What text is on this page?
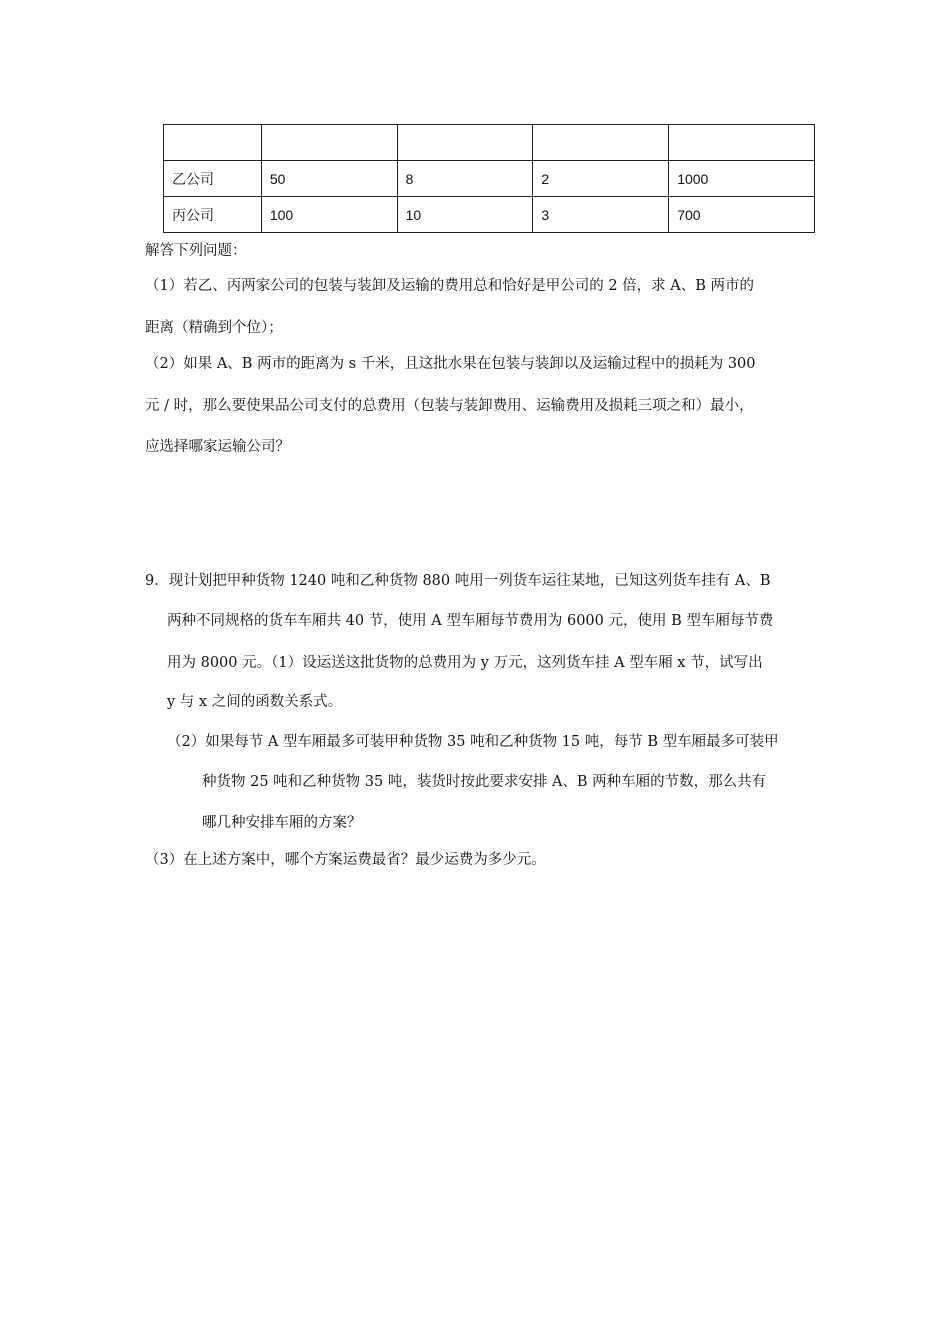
乙公司	50	8	2	1000
丙公司	100	10	3	700
解答下列问题：
（1）若乙、丙两家公司的包装与装卸及运输的费用总和恰好是甲公司的 2 倍，求 A、B 两市的
距离（精确到个位）；
（2）如果 A、B 两市的距离为 s 千米，且这批水果在包装与装卸以及运输过程中的损耗为 300
元 / 时，那么要使果品公司支付的总费用（包装与装卸费用、运输费用及损耗三项之和）最小，
应选择哪家运输公司？
9．现计划把甲种货物 1240 吨和乙种货物 880 吨用一列货车运往某地，已知这列货车挂有 A、B
两种不同规格的货车车厢共 40 节，使用 A 型车厢每节费用为 6000 元，使用 B 型车厢每节费
用为 8000 元。（1）设运送这批货物的总费用为 y 万元，这列货车挂 A 型车厢 x 节，试写出
y 与 x 之间的函数关系式。
（2）如果每节 A 型车厢最多可装甲种货物 35 吨和乙种货物 15 吨，每节 B 型车厢最多可装甲
种货物 25 吨和乙种货物 35 吨，装货时按此要求安排 A、B 两种车厢的节数，那么共有
哪几种安排车厢的方案？
（3）在上述方案中，哪个方案运费最省？最少运费为多少元。
